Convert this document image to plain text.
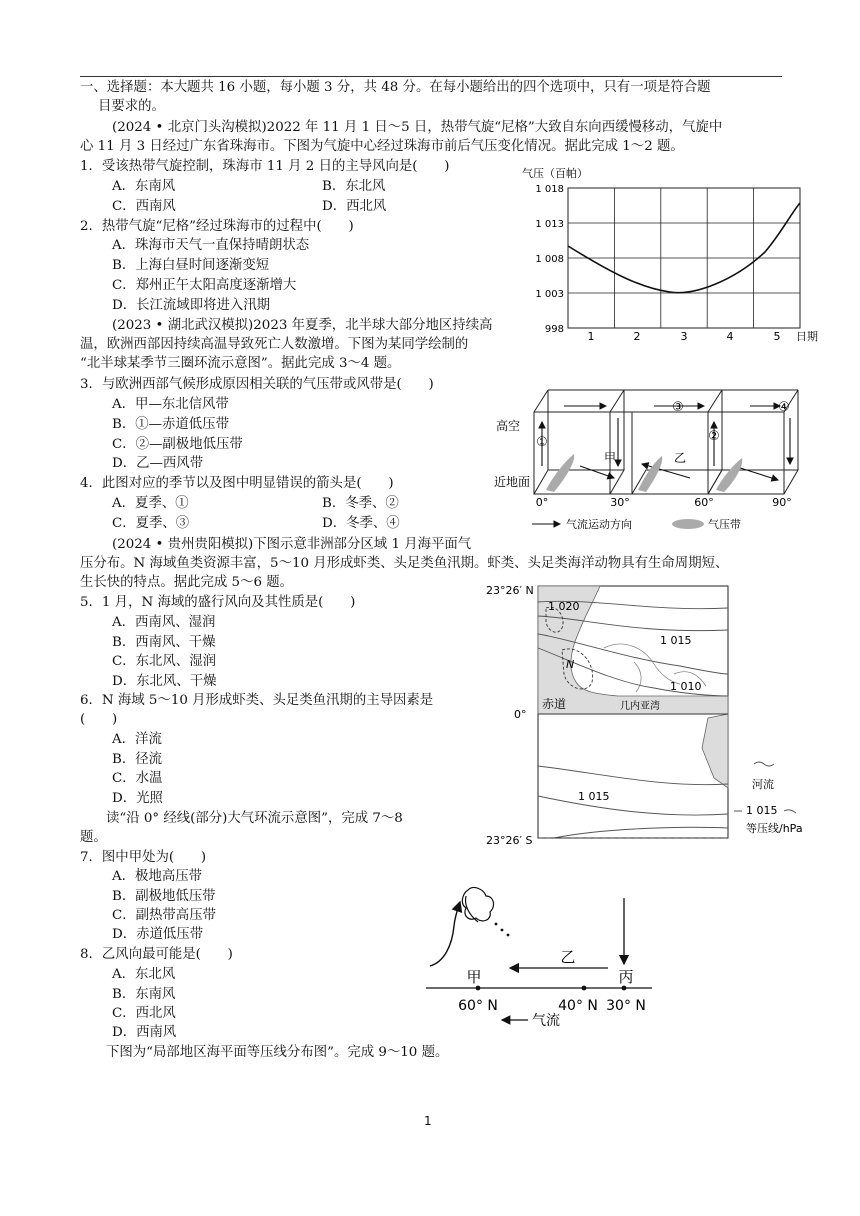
一、选择题：本大题共 16 小题，每小题 3 分，共 48 分。在每小题给出的四个选项中，只有一项是符合题
目要求的。
(2024 • 北京门头沟模拟)2022 年 11 月 1 日～5 日，热带气旋“尼格”大致自东向西缓慢移动，气旋中
心 11 月 3 日经过广东省珠海市。下图为气旋中心经过珠海市前后气压变化情况。据此完成 1～2 题。
1．受该热带气旋控制，珠海市 11 月 2 日的主导风向是(　　)
A．东南风	B．东北风
C．西南风	D．西北风
2．热带气旋“尼格”经过珠海市的过程中(　　)
A．珠海市天气一直保持晴朗状态
B．上海白昼时间逐渐变短
C．郑州正午太阳高度逐渐增大
D．长江流域即将进入汛期
(2023 • 湖北武汉模拟)2023 年夏季，北半球大部分地区持续高
温，欧洲西部因持续高温导致死亡人数激增。下图为某同学绘制的
“北半球某季节三圈环流示意图”。据此完成 3～4 题。
3．与欧洲西部气候形成原因相关联的气压带或风带是(　　)
A．甲—东北信风带
B．①—赤道低压带
C．②—副极地低压带
D．乙—西风带
4．此图对应的季节以及图中明显错误的箭头是(　　)
A．夏季、①	B．冬季、②
C．夏季、③	D．冬季、④
(2024 • 贵州贵阳模拟)下图示意非洲部分区域 1 月海平面气
压分布。N 海域鱼类资源丰富，5～10 月形成虾类、头足类鱼汛期。虾类、头足类海洋动物具有生命周期短、
生长快的特点。据此完成 5～6 题。
5．1 月，N 海域的盛行风向及其性质是(　　)
A．西南风、湿润
B．西南风、干燥
C．东北风、湿润
D．东北风、干燥
6．N 海域 5～10 月形成虾类、头足类鱼汛期的主导因素是
(　　)
A．洋流
B．径流
C．水温
D．光照
读“沿 0° 经线(部分)大气环流示意图”，完成 7～8
题。
7．图中甲处为(　　)
A．极地高压带
B．副极地低压带
C．副热带高压带
D．赤道低压带
8．乙风向最可能是(　　)
A．东北风
B．东南风
C．西北风
D．西南风
下图为“局部地区海平面等压线分布图”。完成 9～10 题。
气压（百帕）
1 018
1 013
1 008
1 003
998
1	2	3	4	5 日期
高空
近地面
①	②
③	④
甲	乙
0°	30°	60°	90°
气流运动方向	气压带
23°26′ N
23°26′ S
赤道
0°
1 020
1 015
1 010
1 015
N
几内亚湾
河流
1 015
等压线/hPa
甲
乙
丙
60° N	40° N 30° N
气流
1
